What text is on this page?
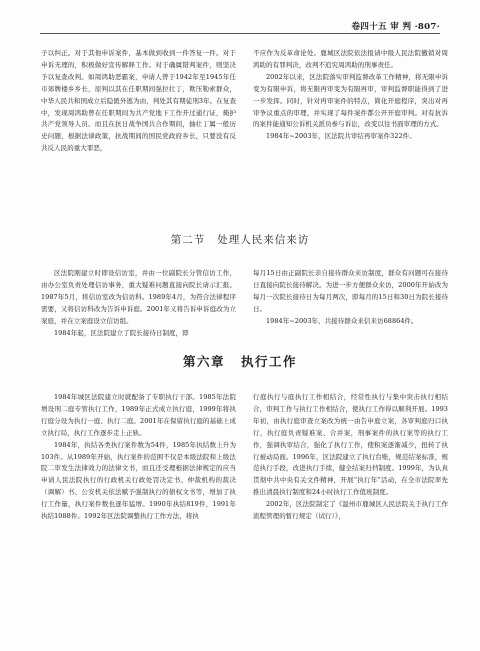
卷四十五 审 判 ·807·

子以纠正。对于其他申诉案件，基本做到收到一件答复一件。对于申诉无理的，积极做好宣传解释工作。对于确属错判案件，则坚决予以复查改判。如周鸿助恶霸案，申请人曾于1942年至1945年任市郊牌楼乡乡长，原判以其在任职期间强拉壮丁，欺压勒索群众，中华人民共和国成立后隐匿外逃为由，判处其有期徒刑3年。在复查中，发现周鸿助曾在任职期间为共产党地下工作开过通行证，掩护共产党领导人员。而且在抗日战争国共合作期间，抽壮丁属一般历史问题，根据法律政策，抗战期间的国民党政府乡长，只要没有反共反人民的重大罪恶，

不应作为反革命论处。鹿城区法院依法报请中级人民法院撤销对周鸿助的有罪判决，改判不追究周鸿助的刑事责任。

2002年以来，区法院落实审判监督改革工作精神，将无限申诉变为有限申诉，将无限再审变为有限再审，审判监督职能得到了进一步发挥。同时，针对再审案件的特点，简化开庭程序，突出对再审争议重点的审理，并实现了每件案件都公开开庭审判。对有抗诉的案件能通知公诉机关派员参与诉讼，改变以往书面审理的方式。

1984年~2003年，区法院共审结再审案件322件。

第二节 处理人民来信来访

区法院刚建立时即设信访室，并由一位副院长分管信访工作，由办公室负责处理信访事务，重大疑难问题直接向院长请示汇报。1987年5月，将信访室改为信访科。1989年4月，为符合法律程序需要，又将信访科改为告诉申诉庭。2001年又将告诉申诉庭改为立案庭，并在立案庭设立信访组。

1984年起，区法院建立了院长接待日制度，即

每月15日由正副院长亲自接待群众来访制度，群众有问题可在接待日直接向院长接待解决。为进一步方便群众来访，2000年开始改为每月一次院长接待日为每月两次，即每月的15日和30日为院长接待日。

1984年~2003年，共接待群众来信来访68864件。

第六章 执行工作

1984年城区法院建立时就配备了专职执行干部。1985年法院增设刑二庭专管执行工作，1989年正式成立执行庭，1999年将执行庭分设为执行一庭、执行二庭。2001年在保留执行庭的基础上成立执行局，执行工作逐步走上正轨。

1984年，执结各类执行案件数为54件，1985年执结数上升为103件。从1989年开始，执行案件的范围不仅是本级法院和上级法院二审发生法律效力的法律文书，而且还受理根据法律规定的应当申请人民法院执行的行政机关行政处罚决定书、仲裁机构的裁决（调解）书、公安机关依法赋予强制执行的债权文书等，增加了执行工作量，执行案件数也逐年猛增。1990年执结819件，1991年执结1088件。1992年区法院调整执行工作方法，将执

行庭执行与庭执行工作相结合，经常性执行与集中突击执行相结合，审判工作与执行工作相结合，使执行工作得以顺利开展。1993年初，由执行庭审查立案改为统一由告申庭立案，各审判庭归口执行，执行庭负责疑难案、合并案，刑事案件的执行案等的执行工作，强调执审结合，强化了执行工作，使积案逐渐减少，扭转了执行被动局面。1996年，区法院建立了执行台账，规范结案标准，规范执行手段，改进执行手续，健全结案归档制度。1999年，为认真贯彻中共中央有关文件精神，开展“执行年”活动，在全市法院率先推出清晨执行制度和24小时执行工作值班制度。

2002年，区法院制定了《温州市鹿城区人民法院关于执行工作流程管理的暂行规定（试行）》，
